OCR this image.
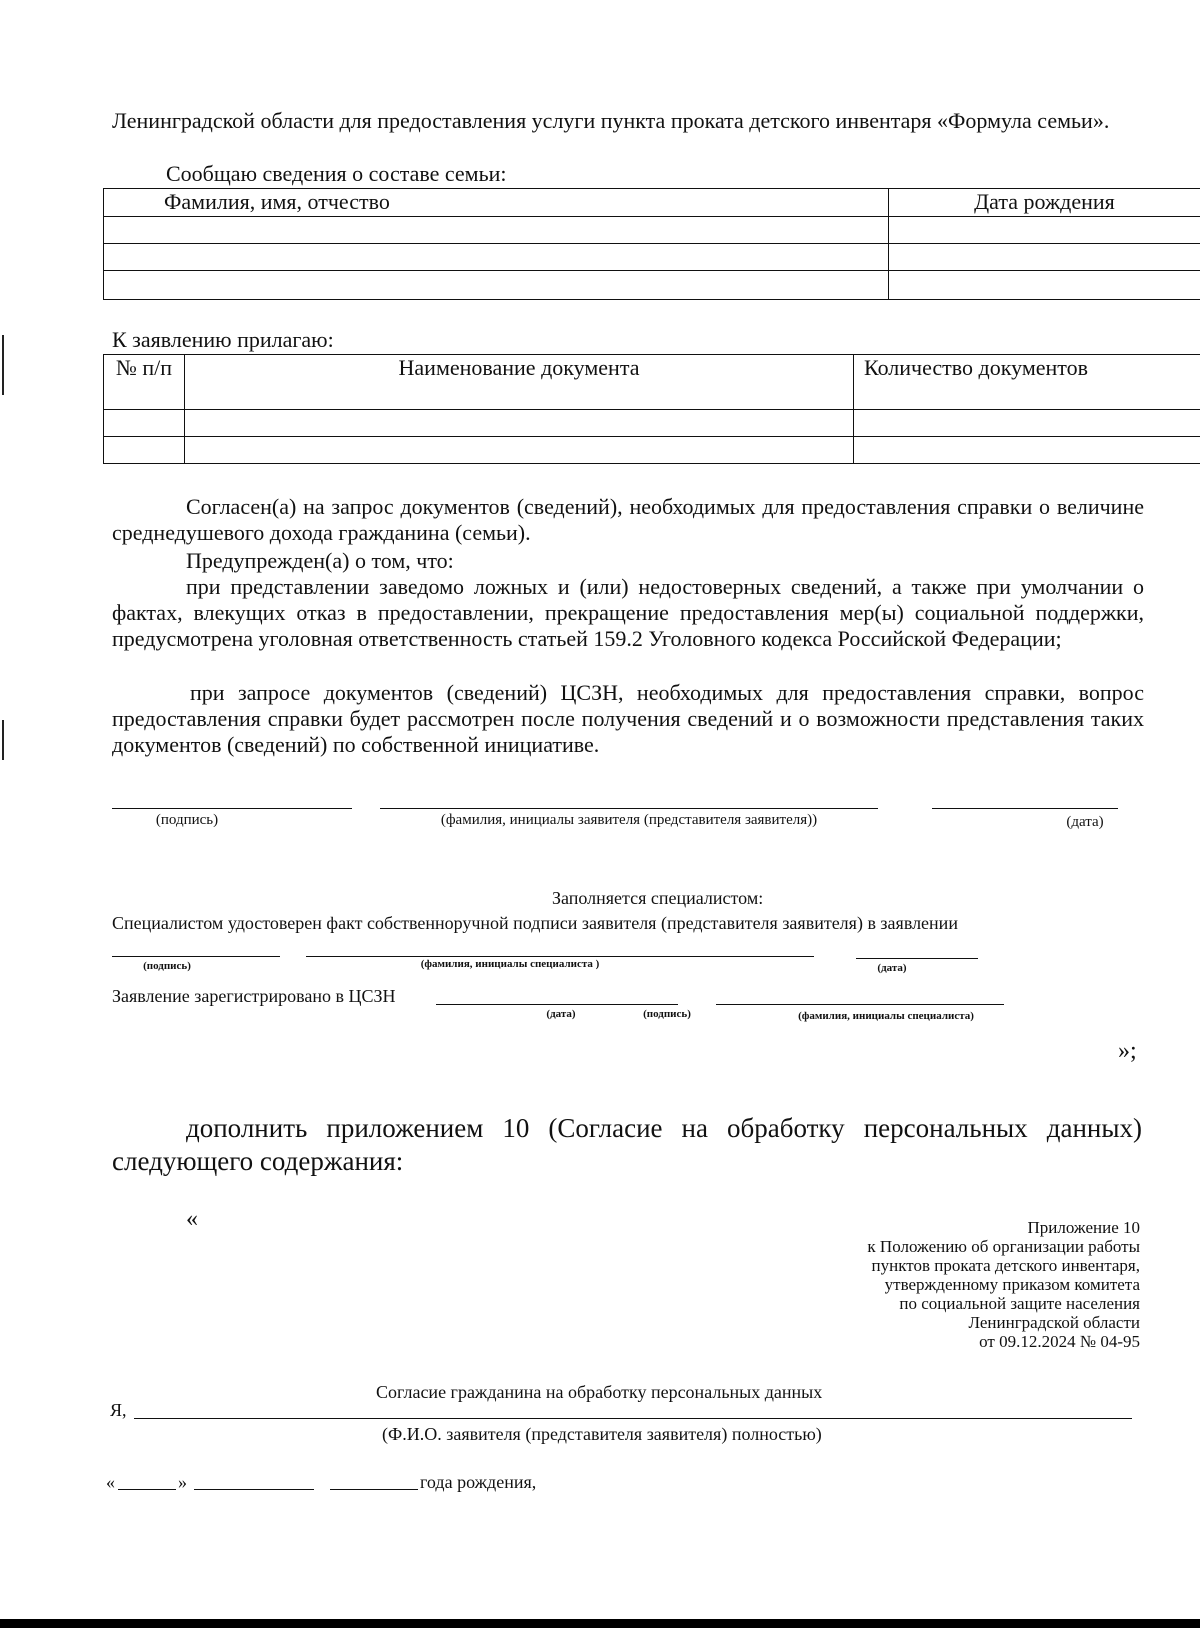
Ленинградской области для предоставления услуги пункта проката детского инвентаря «Формула семьи».

Сообщаю сведения о составе семьи:

Фамилия, имя, отчество	Дата рождения

К заявлению прилагаю:

№ п/п	Наименование документа	Количество документов

Согласен(а) на запрос документов (сведений), необходимых для предоставления справки о величине среднедушевого дохода гражданина (семьи).

Предупрежден(а) о том, что:

при представлении заведомо ложных и (или) недостоверных сведений, а также при умолчании о фактах, влекущих отказ в предоставлении, прекращение предоставления мер(ы) социальной поддержки, предусмотрена уголовная ответственность статьей 159.2 Уголовного кодекса Российской Федерации;

при запросе документов (сведений) ЦСЗН, необходимых для предоставления справки, вопрос предоставления справки будет рассмотрен после получения сведений и о возможности представления таких документов (сведений) по собственной инициативе.

(подпись)	(фамилия, инициалы заявителя (представителя заявителя))	(дата)

Заполняется специалистом:

Специалистом удостоверен факт собственноручной подписи заявителя (представителя заявителя) в заявлении

(подпись)	(фамилия, инициалы специалиста )	(дата)

Заявление зарегистрировано в ЦСЗН

(дата)	(подпись)	(фамилия, инициалы специалиста)
»;

дополнить приложением 10 (Согласие на обработку персональных данных) следующего содержания:

«	Приложение 10
к Положению об организации работы
пунктов проката детского инвентаря,
утвержденному приказом комитета
по социальной защите населения
Ленинградской области
от 09.12.2024 № 04-95

Согласие гражданина на обработку персональных данных

Я,

(Ф.И.О. заявителя (представителя заявителя) полностью)

«	»	года рождения,
